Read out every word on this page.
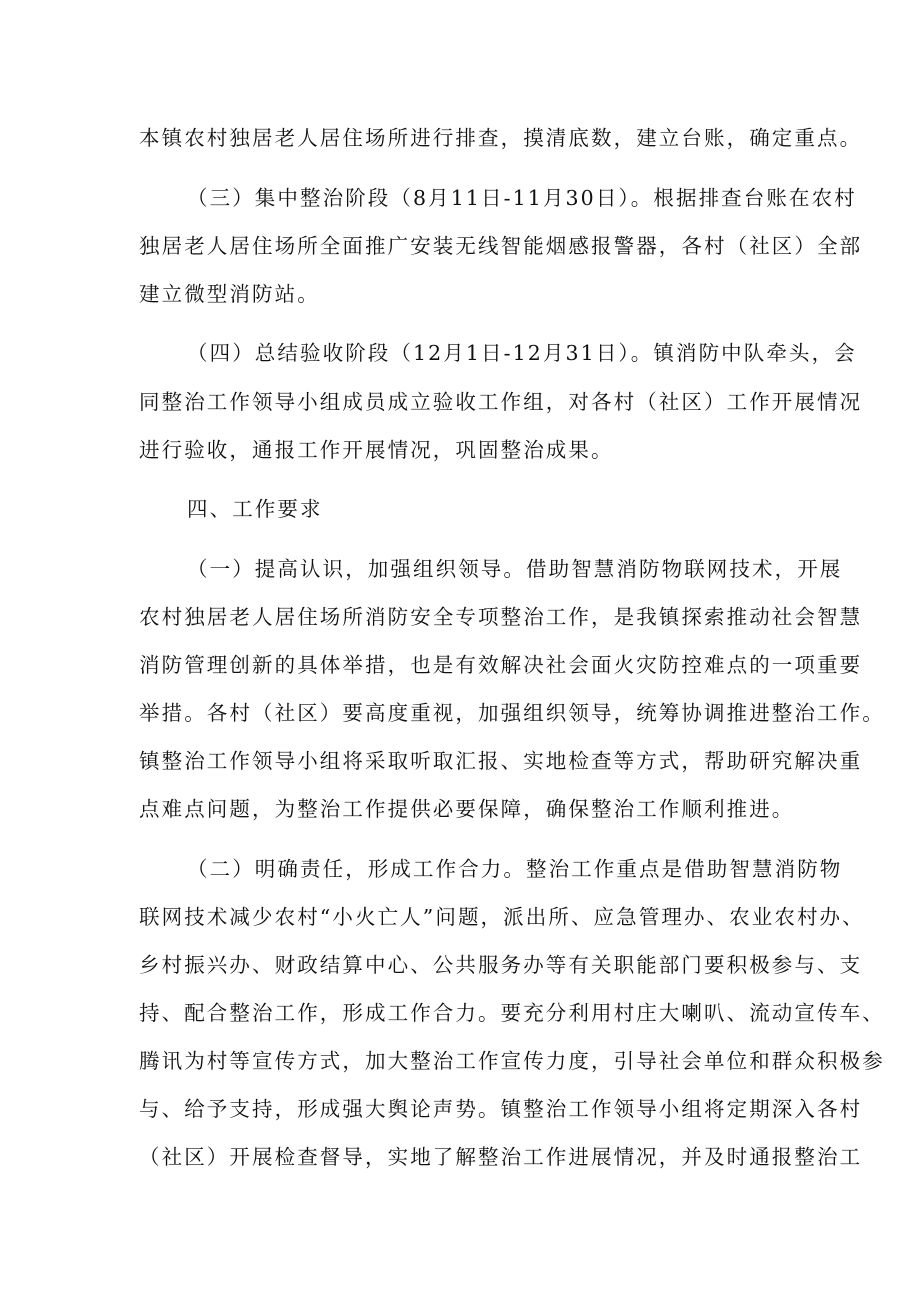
本镇农村独居老人居住场所进行排查，摸清底数，建立台账，确定重点。
（三）集中整治阶段（8月11日-11月30日）。根据排查台账在农村
独居老人居住场所全面推广安装无线智能烟感报警器，各村（社区）全部
建立微型消防站。
（四）总结验收阶段（12月1日-12月31日）。镇消防中队牵头，会
同整治工作领导小组成员成立验收工作组，对各村（社区）工作开展情况
进行验收，通报工作开展情况，巩固整治成果。
四、工作要求
（一）提高认识，加强组织领导。借助智慧消防物联网技术，开展
农村独居老人居住场所消防安全专项整治工作，是我镇探索推动社会智慧
消防管理创新的具体举措，也是有效解决社会面火灾防控难点的一项重要
举措。各村（社区）要高度重视，加强组织领导，统筹协调推进整治工作。
镇整治工作领导小组将采取听取汇报、实地检查等方式，帮助研究解决重
点难点问题，为整治工作提供必要保障，确保整治工作顺利推进。
（二）明确责任，形成工作合力。整治工作重点是借助智慧消防物
联网技术减少农村“小火亡人”问题，派出所、应急管理办、农业农村办、
乡村振兴办、财政结算中心、公共服务办等有关职能部门要积极参与、支
持、配合整治工作，形成工作合力。要充分利用村庄大喇叭、流动宣传车、
腾讯为村等宣传方式，加大整治工作宣传力度，引导社会单位和群众积极参
与、给予支持，形成强大舆论声势。镇整治工作领导小组将定期深入各村
（社区）开展检查督导，实地了解整治工作进展情况，并及时通报整治工
